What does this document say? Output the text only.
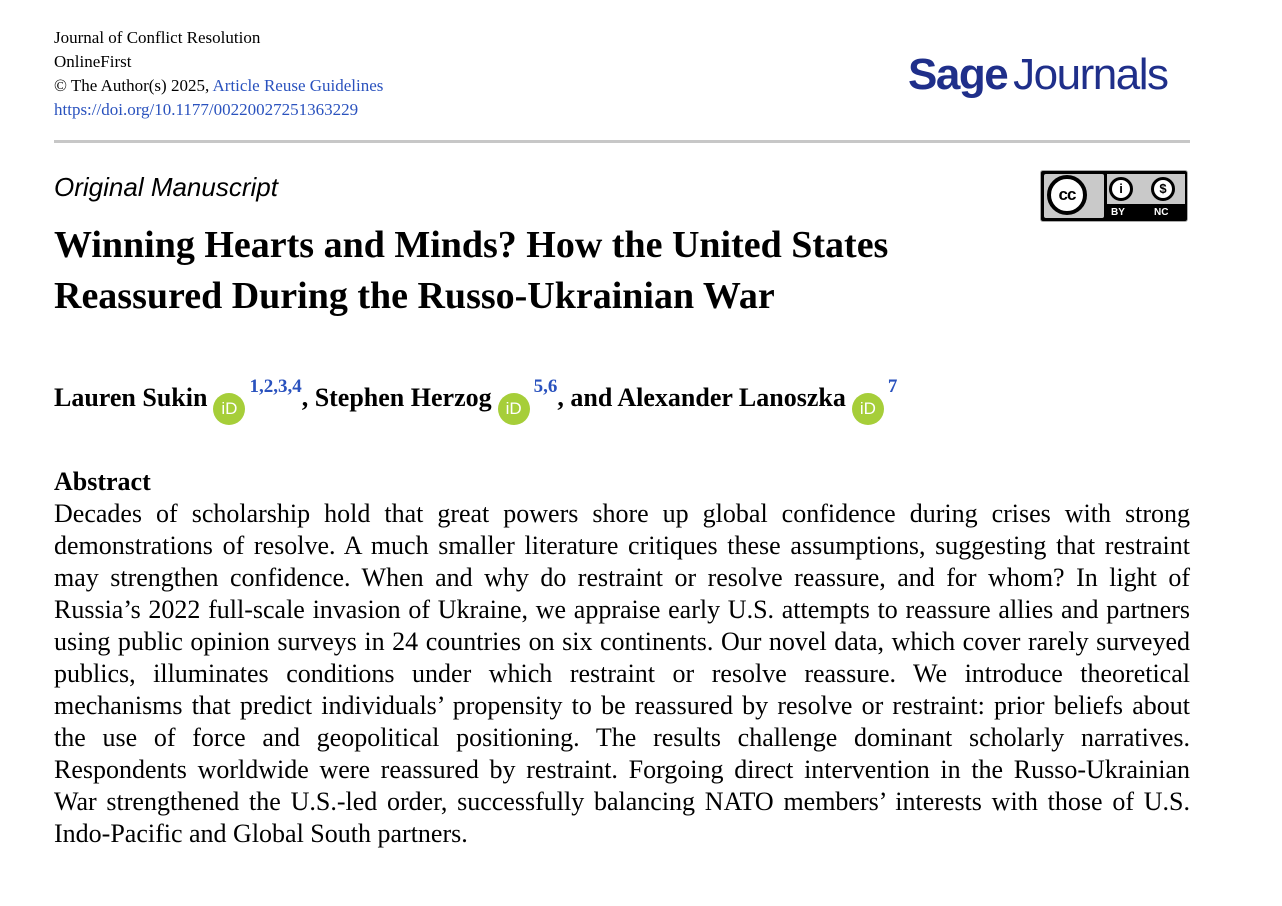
Journal of Conflict Resolution
OnlineFirst
© The Author(s) 2025, Article Reuse Guidelines
https://doi.org/10.1177/00220027251363229
Sage Journals
Original Manuscript	cc	i	$
BY	NC
Winning Hearts and Minds? How the United States Reassured During the Russo-Ukrainian War
Lauren Sukin iD$^{1,2,3,4}$, Stephen Herzog iD$^{5,6}$, and Alexander Lanoszka $iD^7$
Abstract
Decades of scholarship hold that great powers shore up global confidence during crises with strong demonstrations of resolve. A much smaller literature critiques these assumptions, suggesting that restraint may strengthen confidence. When and why do restraint or resolve reassure, and for whom? In light of Russia’s 2022 full-scale invasion of Ukraine, we appraise early U.S. attempts to reassure allies and partners using public opinion surveys in 24 countries on six continents. Our novel data, which cover rarely surveyed publics, illuminates conditions under which restraint or resolve reassure. We introduce theoretical mechanisms that predict individuals’ propensity to be reassured by resolve or restraint: prior beliefs about the use of force and geopolitical positioning. The results challenge dominant scholarly narratives. Respondents worldwide were reassured by restraint. Forgoing direct intervention in the Russo-Ukrainian War strengthened the U.S.-led order, successfully balancing NATO members’ interests with those of U.S. Indo-Pacific and Global South partners.
